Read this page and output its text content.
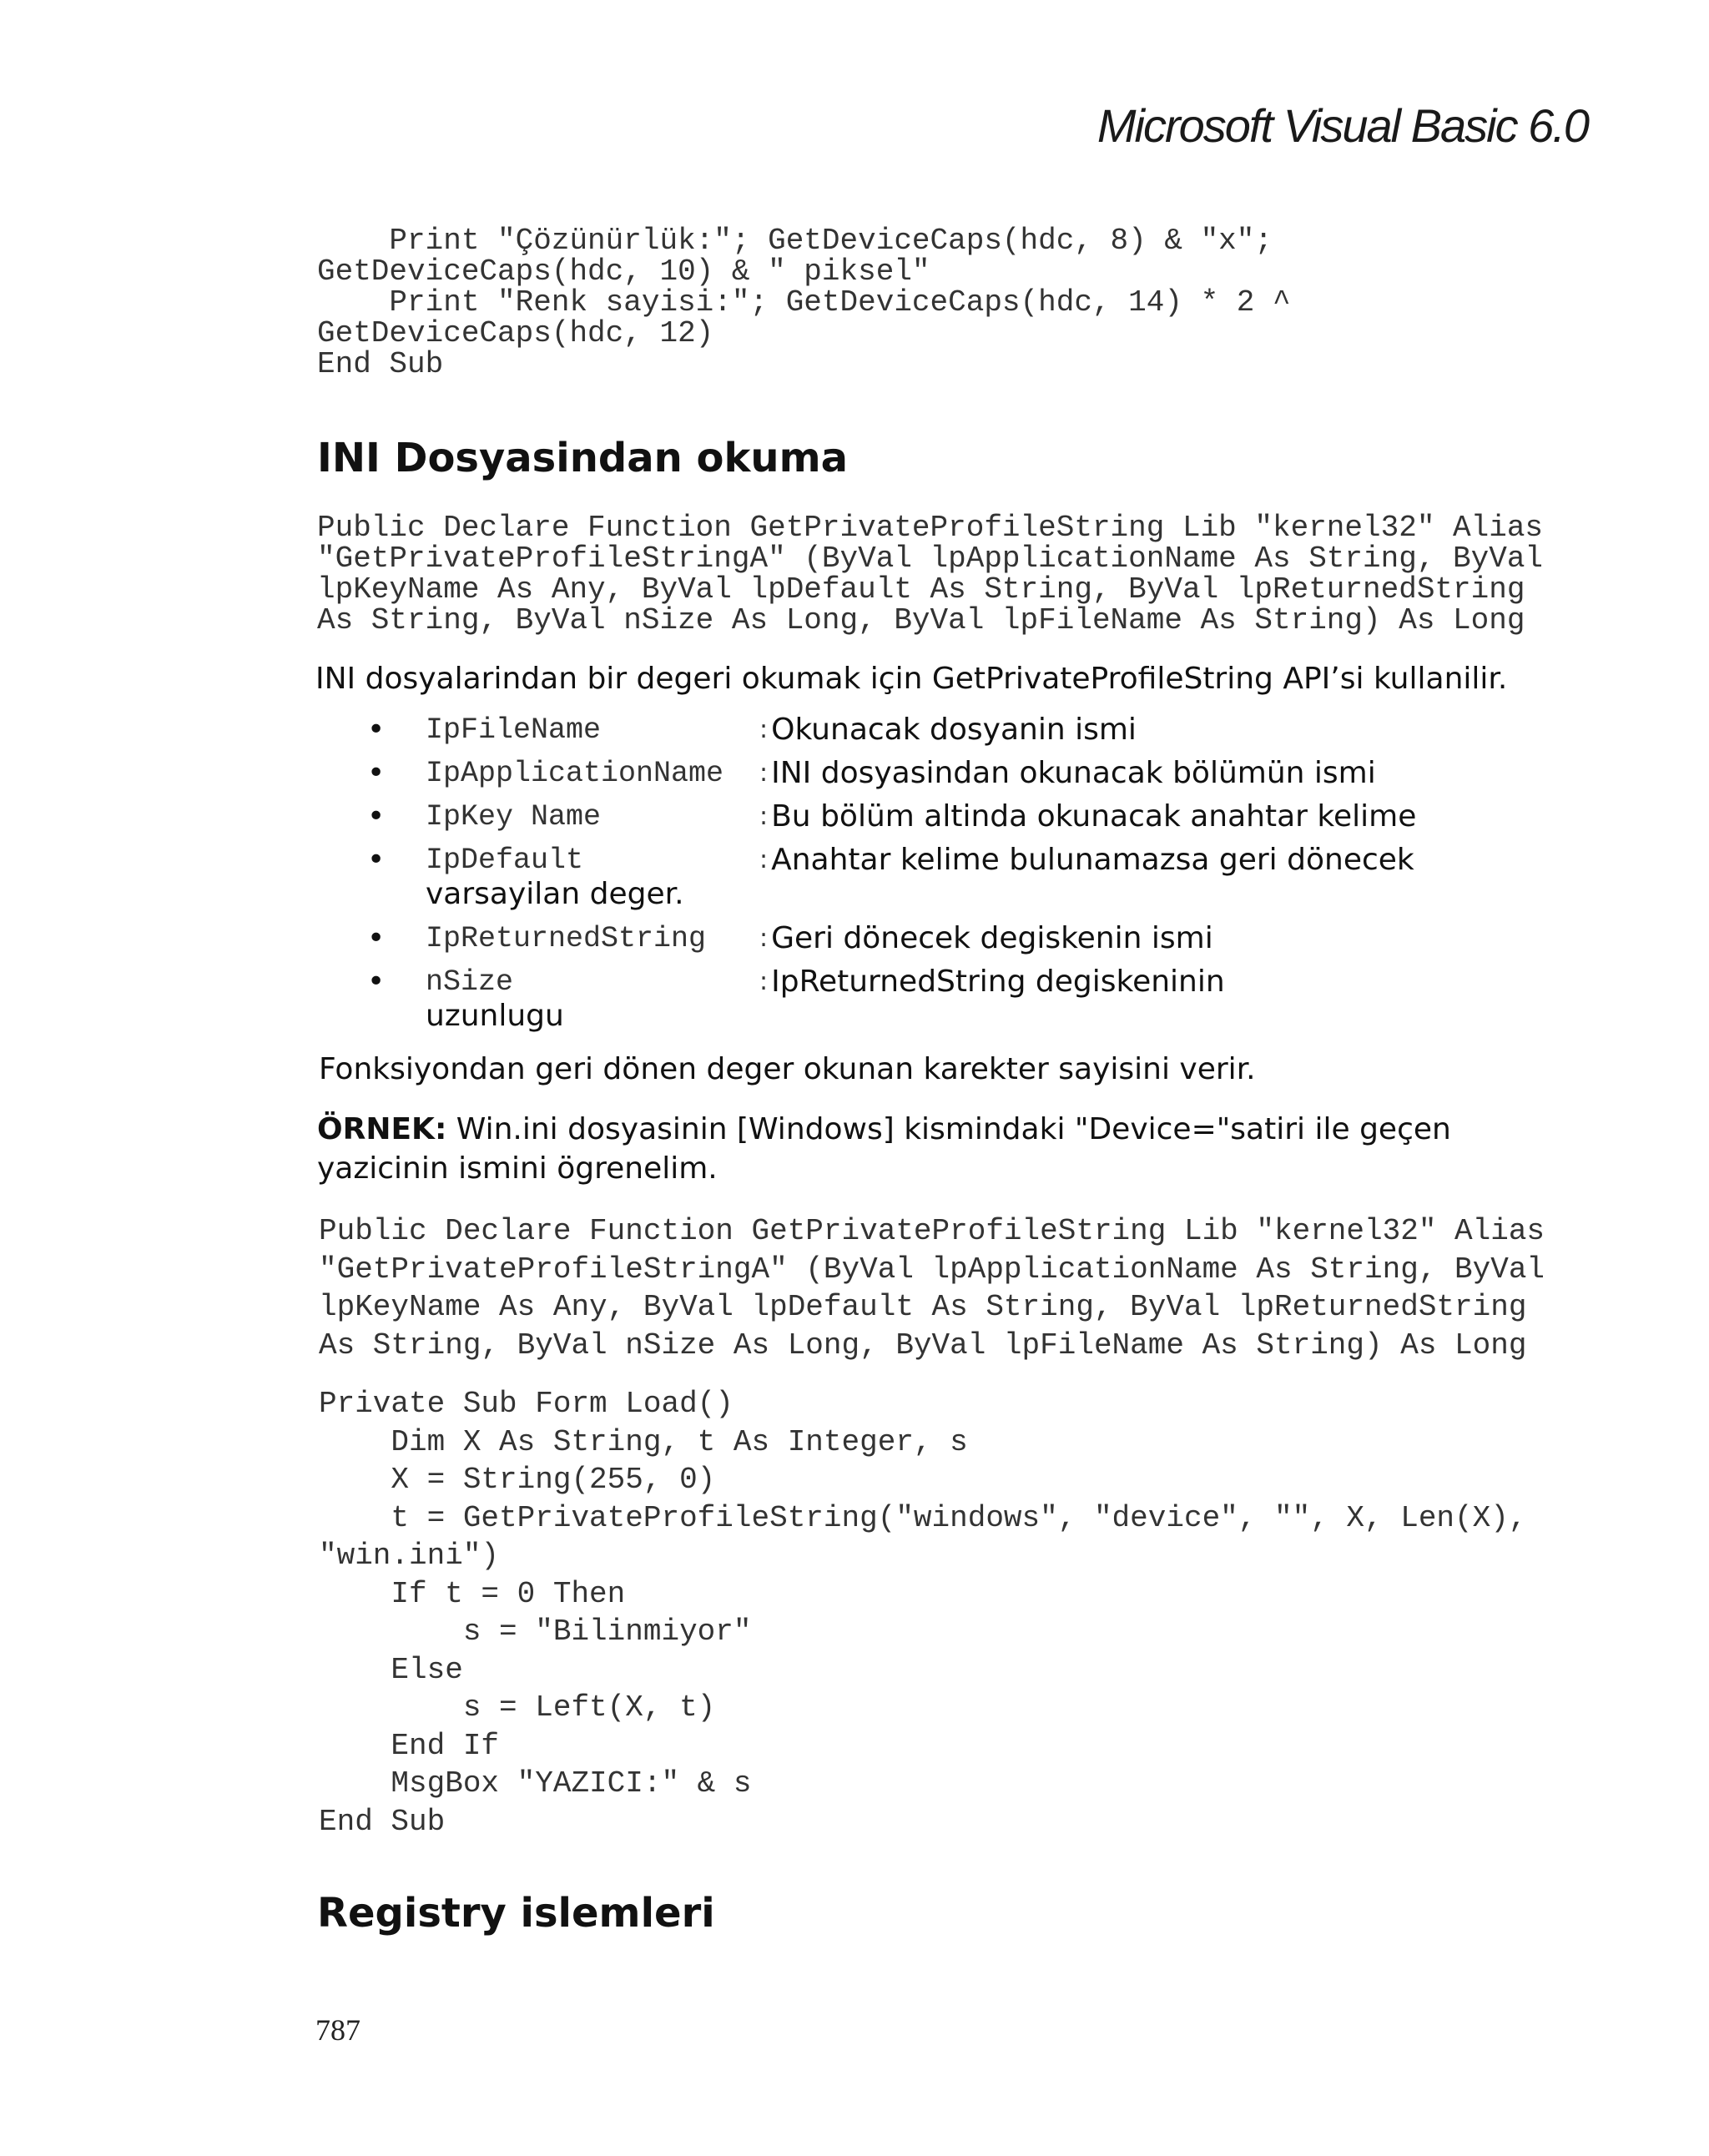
Microsoft Visual Basic 6.0
Print "Çözünürlük:"; GetDeviceCaps(hdc, 8) & "x";
GetDeviceCaps(hdc, 10) & " piksel"
Print "Renk sayisi:"; GetDeviceCaps(hdc, 14) * 2 ^
GetDeviceCaps(hdc, 12)
End Sub
INI Dosyasindan okuma
Public Declare Function GetPrivateProfileString Lib "kernel32" Alias
"GetPrivateProfileStringA" (ByVal lpApplicationName As String, ByVal
lpKeyName As Any, ByVal lpDefault As String, ByVal lpReturnedString
As String, ByVal nSize As Long, ByVal lpFileName As String) As Long

INI dosyalarindan bir degeri okumak için GetPrivateProfileString API’si kullanilir.

• IpFileName	: Okunacak dosyanin ismi
• IpApplicationName : INI dosyasindan okunacak bölümün ismi
• IpKey Name	: Bu bölüm altinda okunacak anahtar kelime
• IpDefault	: Anahtar kelime bulunamazsa geri dönecek
varsayilan deger.
• IpReturnedString : Geri dönecek degiskenin ismi
• nSize	: IpReturnedString degiskeninin
uzunlugu

Fonksiyondan geri dönen deger okunan karekter sayisini verir.

ÖRNEK: Win.ini dosyasinin [Windows] kismindaki "Device="satiri ile geçen yazicinin ismini ögrenelim.

Public Declare Function GetPrivateProfileString Lib "kernel32" Alias
"GetPrivateProfileStringA" (ByVal lpApplicationName As String, ByVal
lpKeyName As Any, ByVal lpDefault As String, ByVal lpReturnedString
As String, ByVal nSize As Long, ByVal lpFileName As String) As Long
Private Sub Form Load()
Dim X As String, t As Integer, s
X = String(255, 0)
t = GetPrivateProfileString("windows", "device", "", X, Len(X),
"win.ini")
If t = 0 Then
s = "Bilinmiyor"
Else
s = Left(X, t)
End If
MsgBox "YAZICI:" & s
End Sub
Registry islemleri
787
